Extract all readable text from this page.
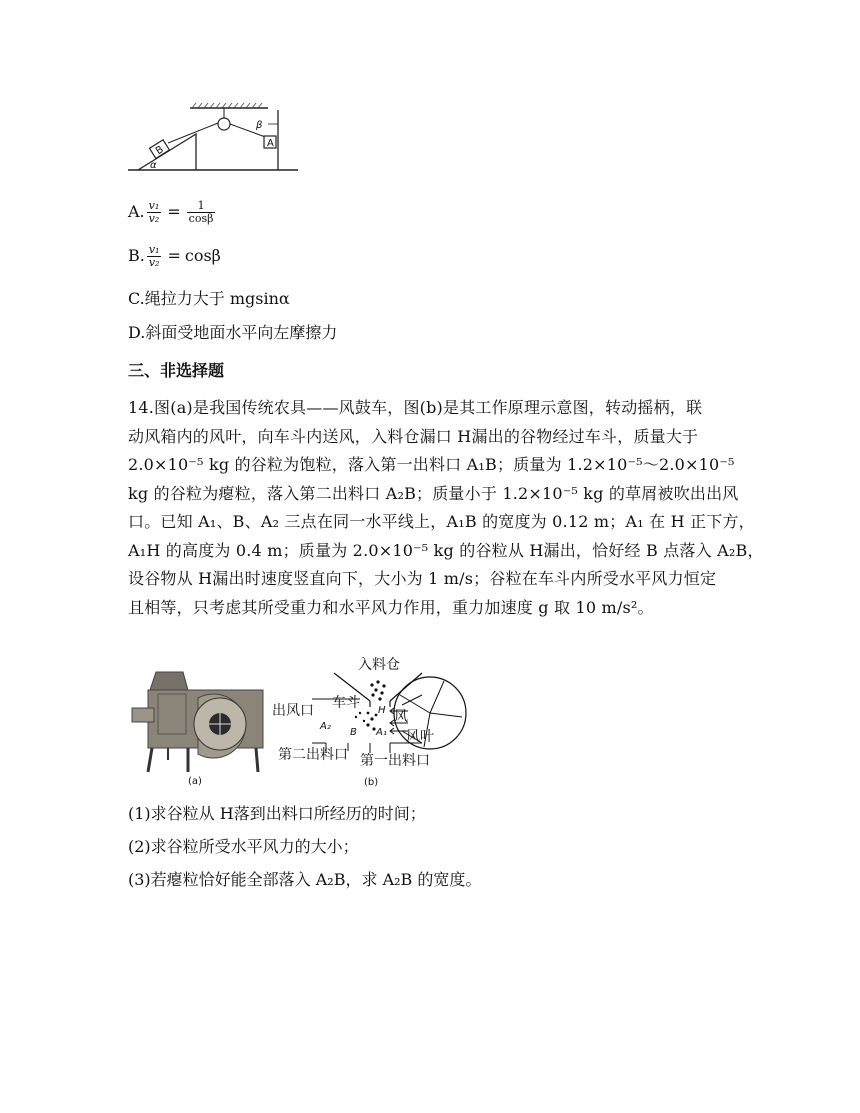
B
A
α
β
A. $\frac{\text{v₁}}{\text{v₂}} = \frac{1}{\cos\beta}$
B. $\frac{\text{v₁}}{\text{v₂}} = \cos\beta$
C.绳拉力大于 mgsinα
D.斜面受地面水平向左摩擦力
三、非选择题
14.图(a)是我国传统农具——风鼓车，图(b)是其工作原理示意图，转动摇柄，联
动风箱内的风叶，向车斗内送风，入料仓漏口 H漏出的谷物经过车斗，质量大于
2.0×10⁻⁵ kg 的谷粒为饱粒，落入第一出料口 A₁B；质量为 1.2×10⁻⁵～2.0×10⁻⁵
kg 的谷粒为瘪粒，落入第二出料口 A₂B；质量小于 1.2×10⁻⁵ kg 的草屑被吹出出风
口。已知 A₁、B、A₂ 三点在同一水平线上，A₁B 的宽度为 0.12 m；A₁ 在 H 正下方，
A₁H 的高度为 0.4 m；质量为 2.0×10⁻⁵ kg 的谷粒从 H漏出，恰好经 B 点落入 A₂B，
设谷物从 H漏出时速度竖直向下，大小为 1 m/s；谷粒在车斗内所受水平风力恒定
且相等，只考虑其所受重力和水平风力作用，重力加速度 g 取 10 m/s²。
(a)
入料仓
车斗
出风口	H 风
A₂
B A₁ 风叶
第二出料口 第一出料口
(b)
(1)求谷粒从 H落到出料口所经历的时间；
(2)求谷粒所受水平风力的大小；
(3)若瘪粒恰好能全部落入 A₂B，求 A₂B 的宽度。
